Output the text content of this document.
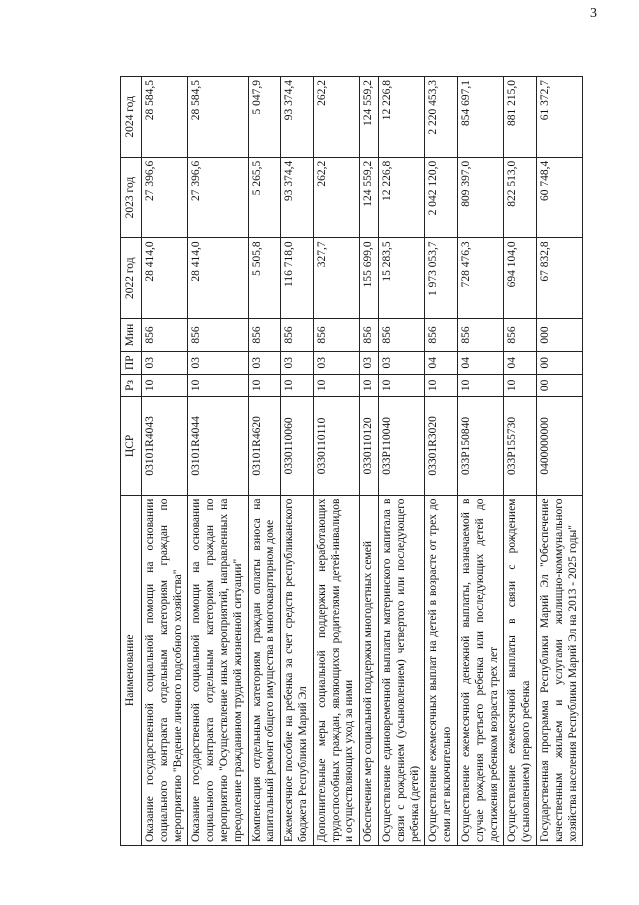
3
Наименование	ЦСР	Рз	ПР	Мин	2022 год	2023 год	2024 год
Оказание государственной социальной помощи на основании социального контракта отдельным категориям граждан по мероприятию "Ведение личного подсобного хозяйства"	03101R4043	10	03	856	28 414,0	27 396,6	28 584,5
Оказание государственной социальной помощи на основании социального контракта отдельным категориям граждан по мероприятию "Осуществление иных мероприятий, направленных на преодоление гражданином трудной жизненной ситуации"	03101R4044	10	03	856	28 414,0	27 396,6	28 584,5
Компенсация отдельным категориям граждан оплаты взноса на капитальный ремонт общего имущества в многоквартирном доме	03101R4620	10	03	856	5 505,8	5 265,5	5 047,9
Ежемесячное пособие на ребенка за счет средств республиканского бюджета Республики Марий Эл	0330110060	10	03	856	116 718,0	93 374,4	93 374,4
Дополнительные меры социальной поддержки неработающих трудоспособных граждан, являющихся родителями детей-инвалидов и осуществляющих уход за ними	0330110110	10	03	856	327,7	262,2	262,2
Обеспечение мер социальной поддержки многодетных семей	0330110120	10	03	856	155 699,0	124 559,2	124 559,2
Осуществление единовременной выплаты материнского капитала в связи с рождением (усыновлением) четвертого или последующего ребенка (детей)	033P110040	10	03	856	15 283,5	12 226,8	12 226,8
Осуществление ежемесячных выплат на детей в возрасте от трех до семи лет включительно	03301R3020	10	04	856	1 973 053,7	2 042 120,0	2 220 453,3
Осуществление ежемесячной денежной выплаты, назначаемой в случае рождения третьего ребенка или последующих детей до достижения ребенком возраста трех лет	033P150840	10	04	856	728 476,3	809 397,0	854 697,1
Осуществление ежемесячной выплаты в связи с рождением (усыновлением) первого ребенка	033P155730	10	04	856	694 104,0	822 513,0	881 215,0
Государственная программа Республики Марий Эл "Обеспечение качественным жильем и услугами жилищно-коммунального хозяйства населения Республики Марий Эл на 2013 - 2025 годы"	0400000000	00	00	000	67 832,8	60 748,4	61 372,7
